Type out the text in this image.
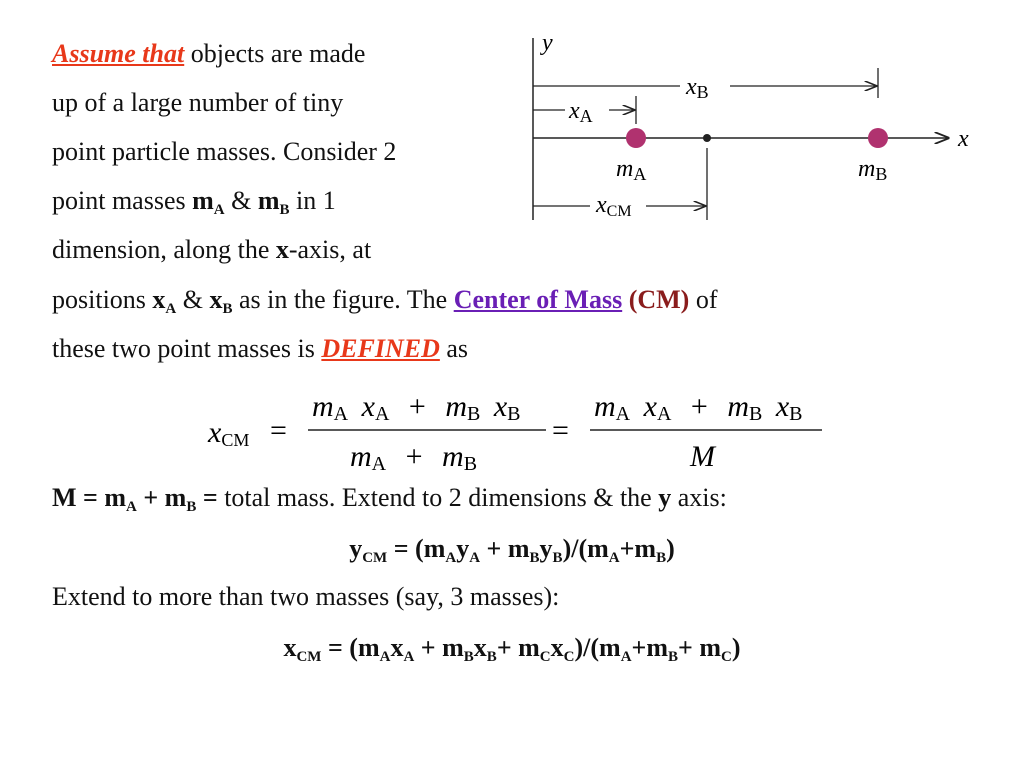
Assume that objects are made
up of a large number of tiny
point particle masses. Consider 2
point masses $m_A$ & $m_B$ in 1
dimension, along the x-axis, at
positions $x_A$ & $x_B$ as in the figure. The Center of Mass (CM) of
these two point masses is DEFINED as
y
x
xB
xA
mA	mB
xCM
xCM =
mA xA + mB xB
mA + mB
=
mA xA + mB xB
M
$M = m_A + m_B$ = total mass. Extend to 2 dimensions & the y axis:
$y_{CM} = (m_Ay_A + m_By_B)/(m_A+m_B)$
Extend to more than two masses (say, 3 masses):
$x_{CM} = (m_Ax_A + m_Bx_B+ m_Cx_C)/(m_A+m_B+ m_C)$
